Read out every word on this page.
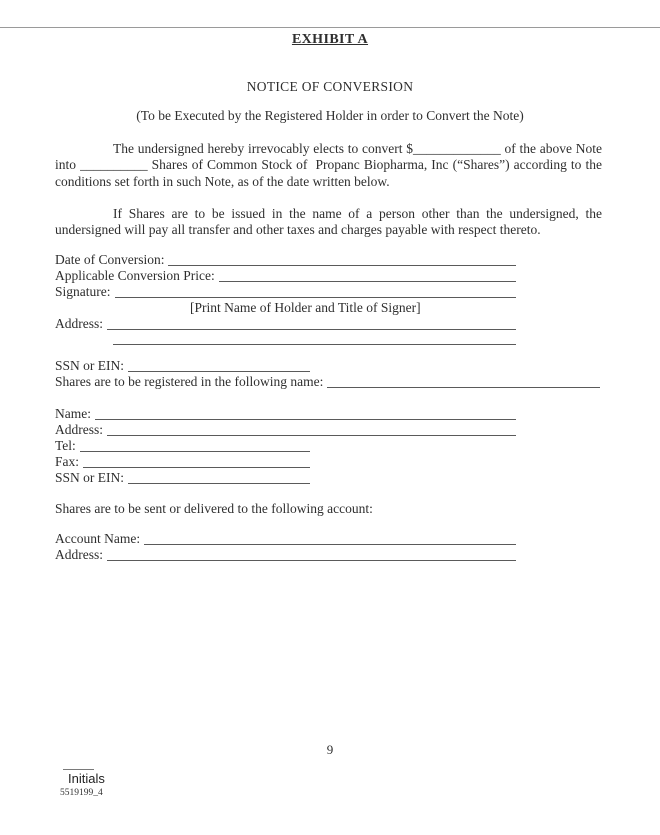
EXHIBIT A
NOTICE OF CONVERSION
(To be Executed by the Registered Holder in order to Convert the Note)

The undersigned hereby irrevocably elects to convert $_____________ of the above Note into __________ Shares of Common Stock of  Propanc Biopharma, Inc (“Shares”) according to the conditions set forth in such Note, as of the date written below.

If Shares are to be issued in the name of a person other than the undersigned, the undersigned will pay all transfer and other taxes and charges payable with respect thereto.

Date of Conversion:
Applicable Conversion Price:
Signature:
[Print Name of Holder and Title of Signer]
Address:
SSN or EIN:
Shares are to be registered in the following name:
Name:
Address:
Tel:
Fax:
SSN or EIN:
Shares are to be sent or delivered to the following account:
Account Name:
Address:
9
Initials
5519199_4
